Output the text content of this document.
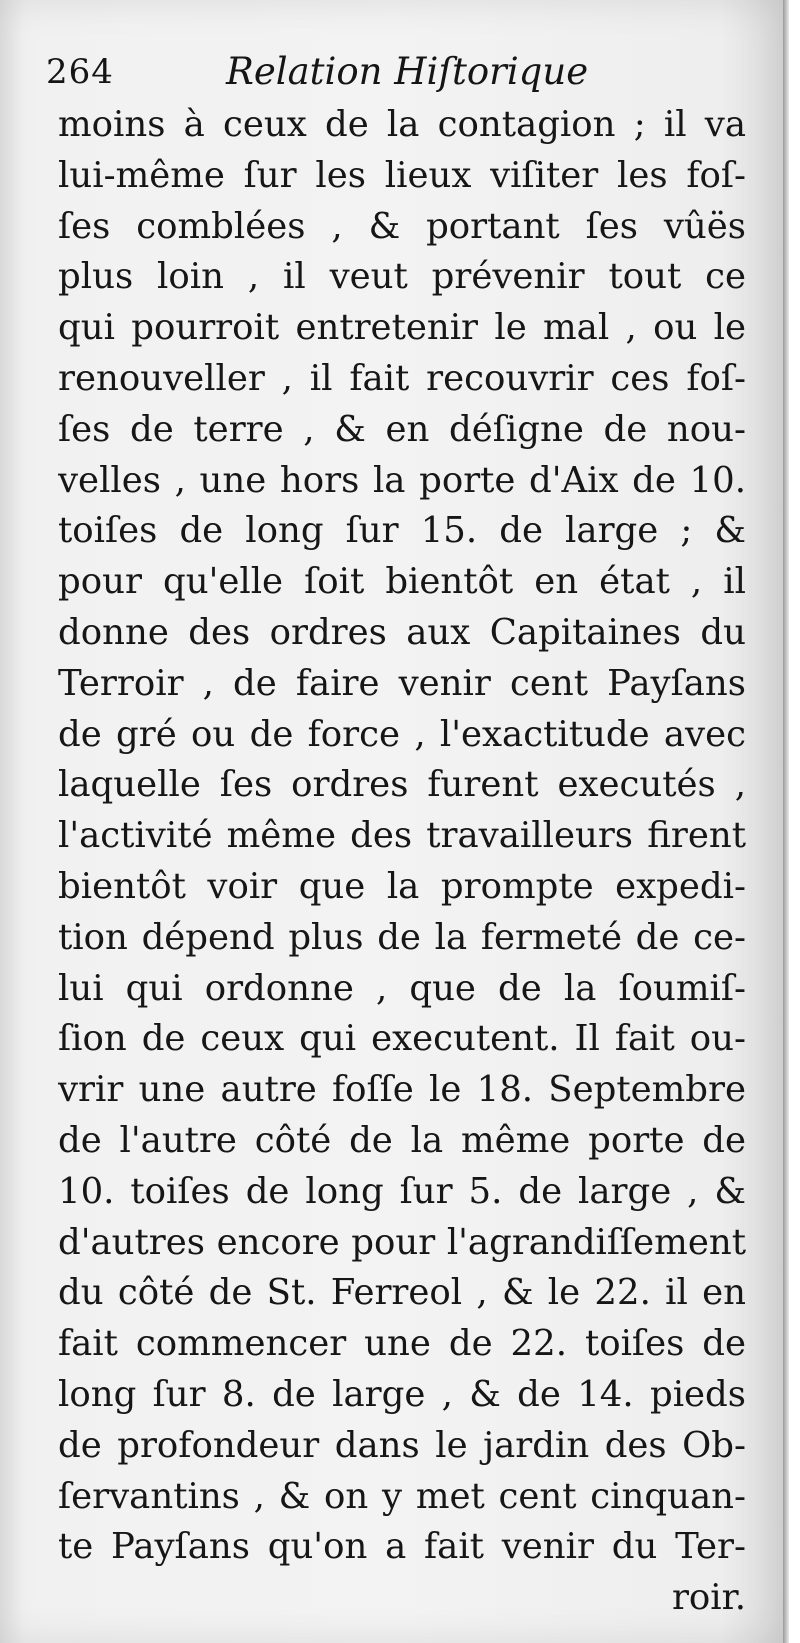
264	Relation Hiſtorique
moins à ceux de la contagion ; il va
lui-même ſur les lieux viſiter les foſ-
ſes comblées , & portant ſes vûës
plus loin , il veut prévenir tout ce
qui pourroit entretenir le mal , ou le
renouveller , il fait recouvrir ces foſ-
ſes de terre , & en déſigne de nou-
velles , une hors la porte d'Aix de 10.
toiſes de long ſur 15. de large ; &
pour qu'elle ſoit bientôt en état , il
donne des ordres aux Capitaines du
Terroir , de faire venir cent Payſans
de gré ou de force , l'exactitude avec
laquelle ſes ordres furent executés ,
l'activité même des travailleurs firent
bientôt voir que la prompte expedi-
tion dépend plus de la fermeté de ce-
lui qui ordonne , que de la ſoumiſ-
ſion de ceux qui executent. Il fait ou-
vrir une autre foſſe le 18. Septembre
de l'autre côté de la même porte de
10. toiſes de long ſur 5. de large , &
d'autres encore pour l'agrandiſſement
du côté de St. Ferreol , & le 22. il en
fait commencer une de 22. toiſes de
long ſur 8. de large , & de 14. pieds
de profondeur dans le jardin des Ob-
ſervantins , & on y met cent cinquan-
te Payſans qu'on a fait venir du Ter-
roir.
